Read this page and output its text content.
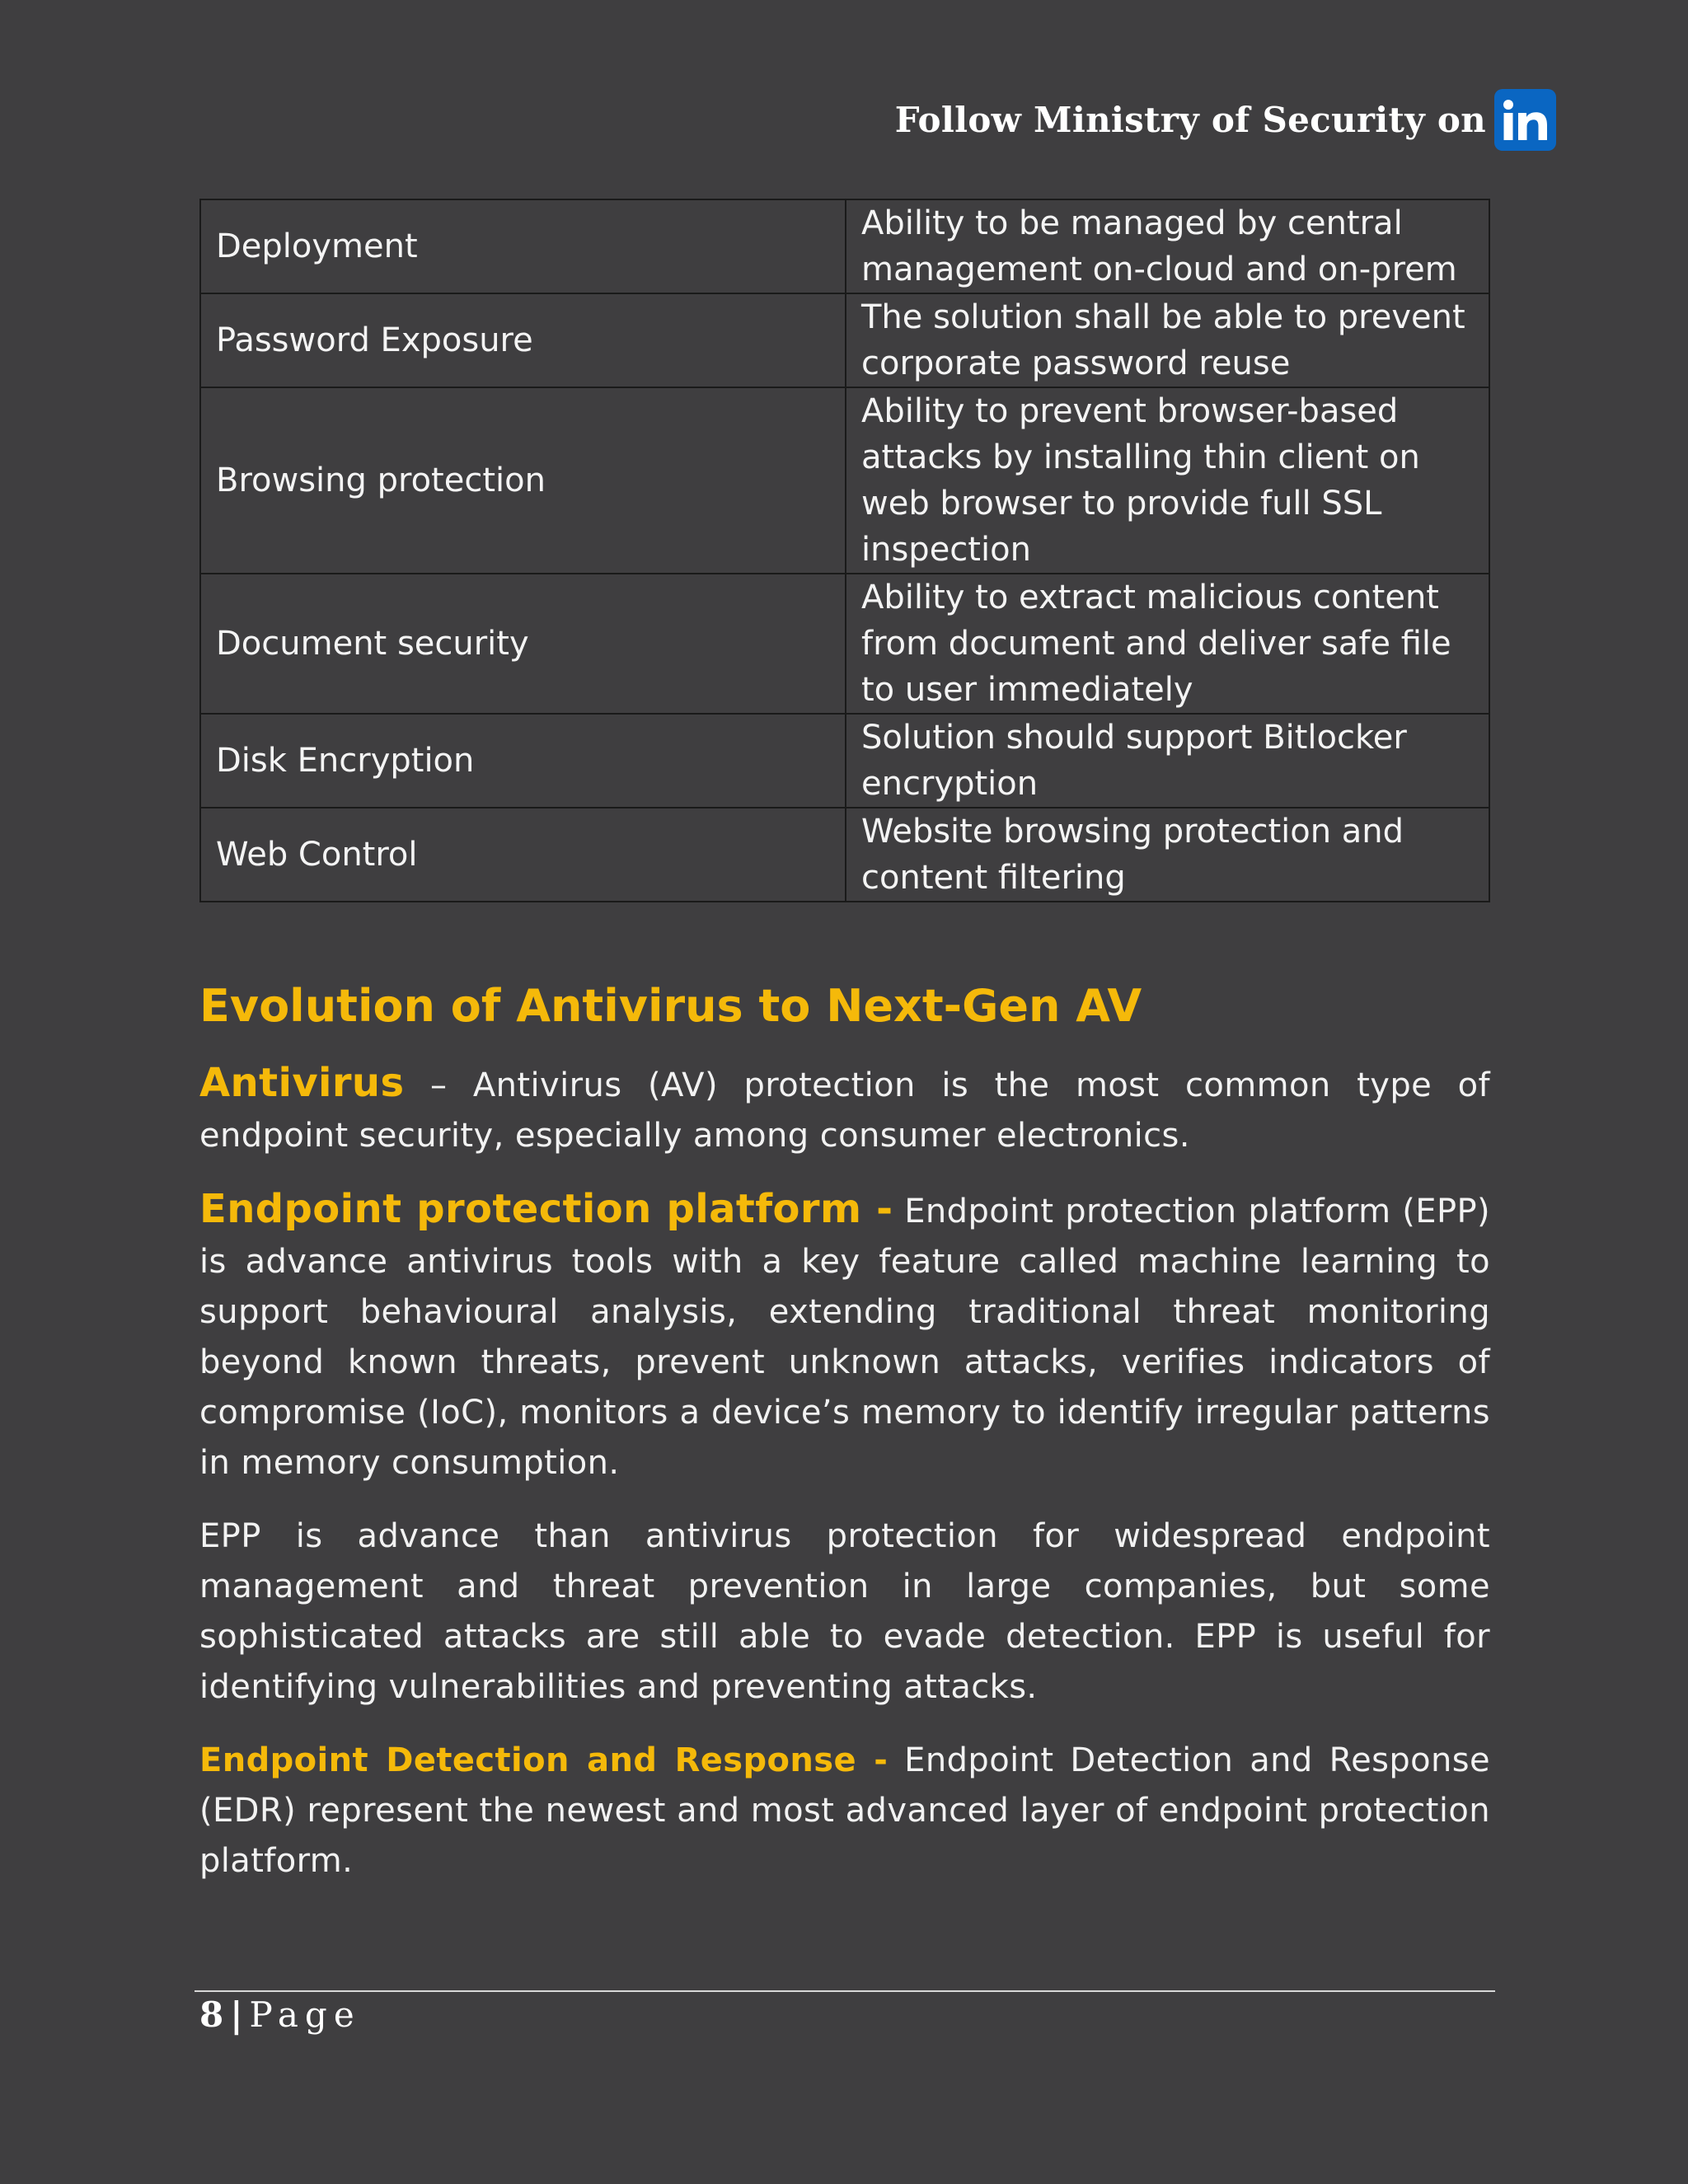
Follow Ministry of Security on
Deployment	Ability to be managed by central management on-cloud and on-prem
Password Exposure	The solution shall be able to prevent corporate password reuse
Browsing protection	Ability to prevent browser-based attacks by installing thin client on web browser to provide full SSL inspection
Document security	Ability to extract malicious content from document and deliver safe file to user immediately
Disk Encryption	Solution should support Bitlocker encryption
Web Control	Website browsing protection and content filtering
Evolution of Antivirus to Next-Gen AV

Antivirus – Antivirus (AV) protection is the most common type of endpoint security, especially among consumer electronics.

Endpoint protection platform - Endpoint protection platform (EPP) is advance antivirus tools with a key feature called machine learning to support behavioural analysis, extending traditional threat monitoring beyond known threats, prevent unknown attacks, verifies indicators of compromise (IoC), monitors a device’s memory to identify irregular patterns in memory consumption.

EPP is advance than antivirus protection for widespread endpoint management and threat prevention in large companies, but some sophisticated attacks are still able to evade detection. EPP is useful for identifying vulnerabilities and preventing attacks.

Endpoint Detection and Response - Endpoint Detection and Response (EDR) represent the newest and most advanced layer of endpoint protection platform.

8 | Page
